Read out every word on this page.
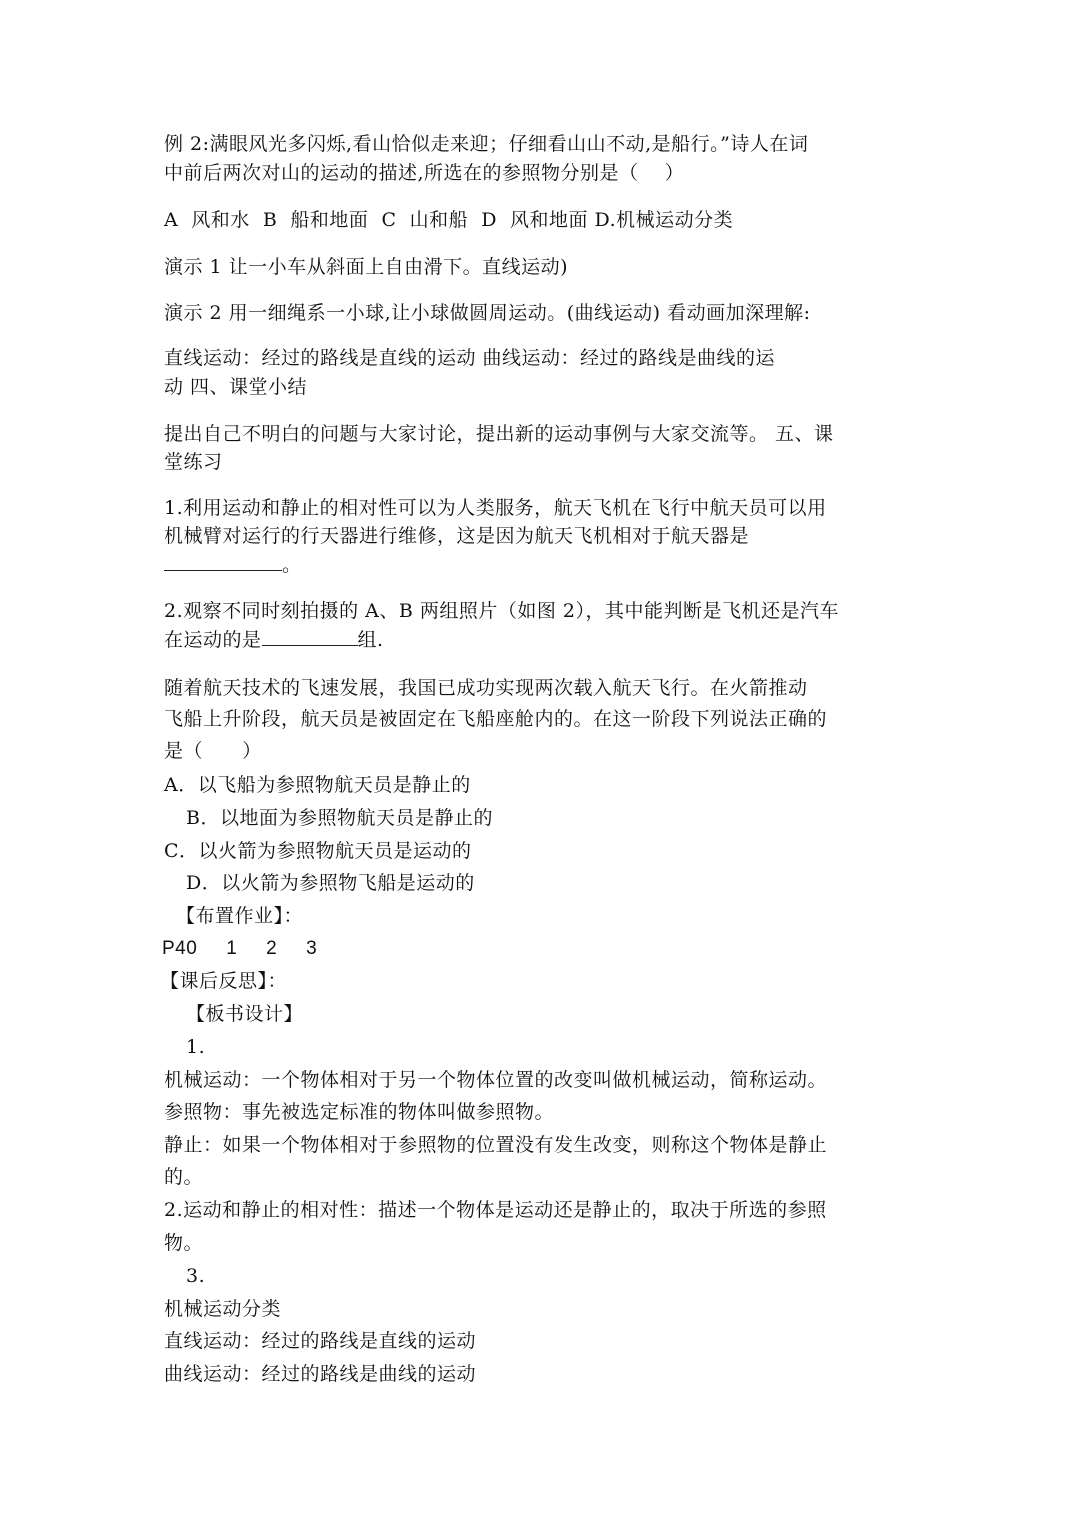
例 2:满眼风光多闪烁,看山恰似走来迎；仔细看山山不动,是船行。”诗人在词
中前后两次对山的运动的描述,所选在的参照物分别是（    ）
A  风和水  B  船和地面  C  山和船  D  风和地面 D.机械运动分类
演示 1 让一小车从斜面上自由滑下。直线运动)
演示 2 用一细绳系一小球,让小球做圆周运动。(曲线运动) 看动画加深理解:
直线运动：经过的路线是直线的运动 曲线运动：经过的路线是曲线的运
动 四、课堂小结
提出自己不明白的问题与大家讨论，提出新的运动事例与大家交流等。 五、课
堂练习
1.利用运动和静止的相对性可以为人类服务，航天飞机在飞行中航天员可以用
机械臂对运行的行天器进行维修，这是因为航天飞机相对于航天器是
。
2.观察不同时刻拍摄的 A、B 两组照片（如图 2），其中能判断是飞机还是汽车
在运动的是	组.
随着航天技术的飞速发展，我国已成功实现两次载入航天飞行。在火箭推动
飞船上升阶段，航天员是被固定在飞船座舱内的。在这一阶段下列说法正确的
是（      ）
A．以飞船为参照物航天员是静止的
B．以地面为参照物航天员是静止的
C．以火箭为参照物航天员是运动的
D．以火箭为参照物飞船是运动的
【布置作业】：
P40     1     2     3
【课后反思】：
【板书设计】
1.
机械运动：一个物体相对于另一个物体位置的改变叫做机械运动，简称运动。
参照物：事先被选定标准的物体叫做参照物。
静止：如果一个物体相对于参照物的位置没有发生改变，则称这个物体是静止
的。
2.运动和静止的相对性：描述一个物体是运动还是静止的，取决于所选的参照
物。
3.
机械运动分类
直线运动：经过的路线是直线的运动
曲线运动：经过的路线是曲线的运动
